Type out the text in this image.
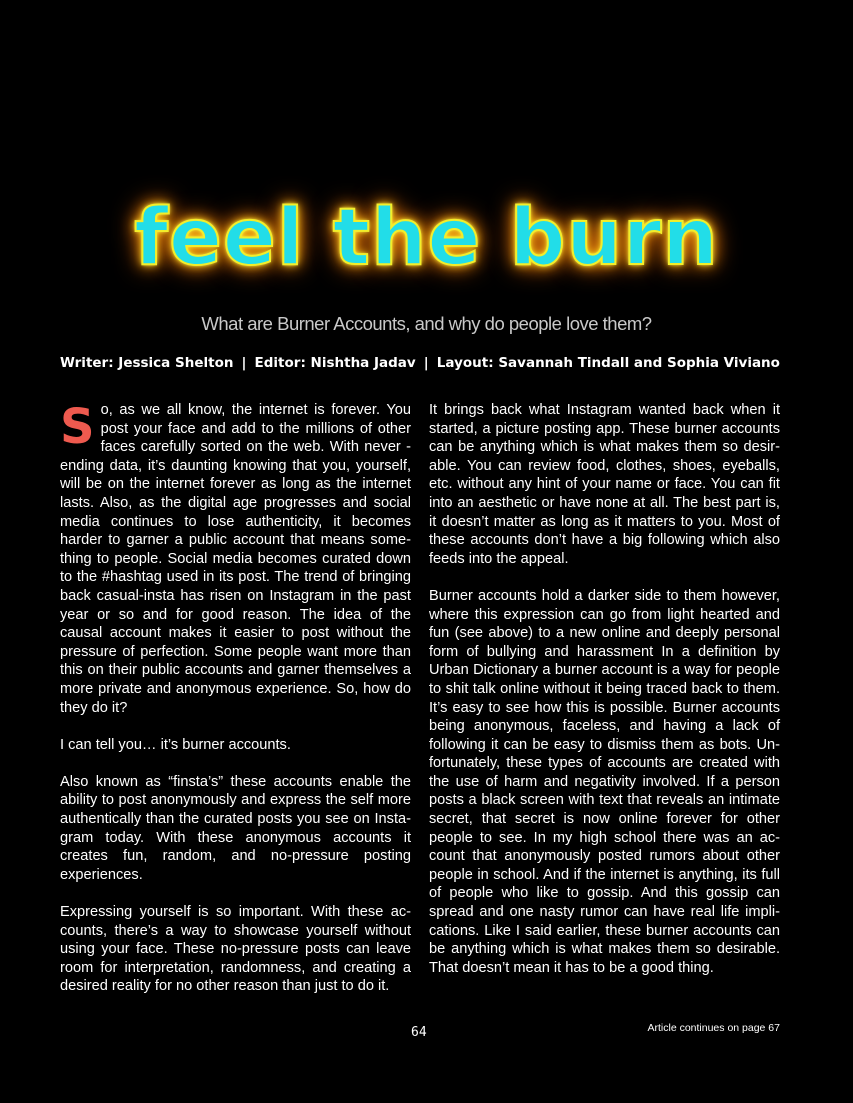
feel the burn
What are Burner Accounts, and why do people love them?
Writer: Jessica Shelton | Editor: Nishtha Jadav | Layout: Savannah Tindall and Sophia Viviano

So, as we all know, the internet is forever. You post your face and add to the millions of other faces carefully sorted on the web. With never -ending data, it’s daunting knowing that you, yourself, will be on the internet forever as long as the internet lasts. Also, as the digital age progresses and social media continues to lose authenticity, it becomes harder to garner a public account that means something to people. Social media becomes curated down to the #hashtag used in its post. The trend of bringing back casual-insta has risen on Instagram in the past year or so and for good reason. The idea of the causal account makes it easier to post without the pressure of perfection. Some people want more than this on their public accounts and garner themselves a more private and anonymous experience. So, how do they do it?

I can tell you… it’s burner accounts.

Also known as “finsta’s” these accounts enable the ability to post anonymously and express the self more authentically than the curated posts you see on Instagram today. With these anonymous accounts it creates fun, random, and no-pressure posting experiences.

Expressing yourself is so important. With these accounts, there’s a way to showcase yourself without using your face. These no-pressure posts can leave room for interpretation, randomness, and creating a desired reality for no other reason than just to do it.

It brings back what Instagram wanted back when it started, a picture posting app. These burner accounts can be anything which is what makes them so desirable. You can review food, clothes, shoes, eyeballs, etc. without any hint of your name or face. You can fit into an aesthetic or have none at all. The best part is, it doesn’t matter as long as it matters to you. Most of these accounts don’t have a big following which also feeds into the appeal.

Burner accounts hold a darker side to them however, where this expression can go from light hearted and fun (see above) to a new online and deeply personal form of bullying and harassment In a definition by Urban Dictionary a burner account is a way for people to shit talk online without it being traced back to them. It’s easy to see how this is possible. Burner accounts being anonymous, faceless, and having a lack of following it can be easy to dismiss them as bots. Unfortunately, these types of accounts are created with the use of harm and negativity involved. If a person posts a black screen with text that reveals an intimate secret, that secret is now online forever for other people to see. In my high school there was an account that anonymously posted rumors about other people in school. And if the internet is anything, its full of people who like to gossip. And this gossip can spread and one nasty rumor can have real life implications. Like I said earlier, these burner accounts can be anything which is what makes them so desirable. That doesn’t mean it has to be a good thing.

64	Article continues on page 67
